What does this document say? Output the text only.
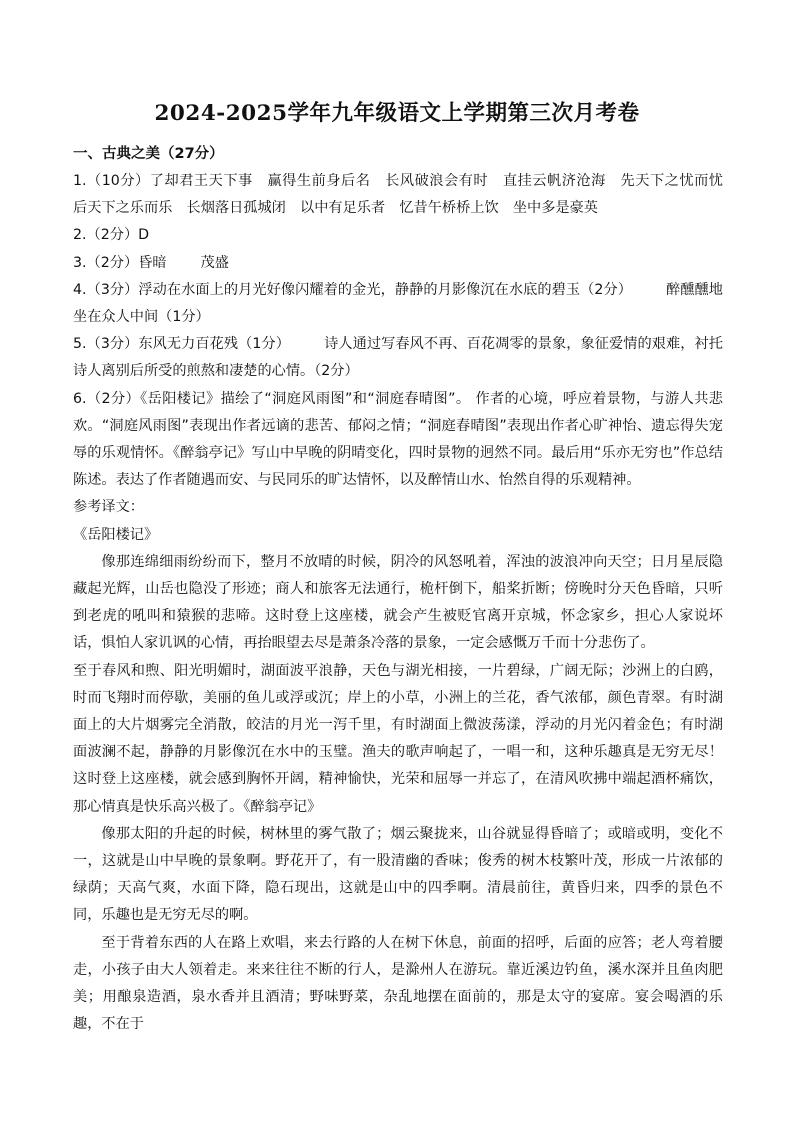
2024-2025学年九年级语文上学期第三次月考卷
一、古典之美（27分）

1.（10分）了却君王天下事　赢得生前身后名　长风破浪会有时　直挂云帆济沧海　先天下之忧而忧　后天下之乐而乐　长烟落日孤城闭　以中有足乐者　忆昔午桥桥上饮　坐中多是豪英

2.（2分）D

3.（2分）昏暗 茂盛

4.（3分）浮动在水面上的月光好像闪耀着的金光，静静的月影像沉在水底的碧玉（2分） 醉醺醺地坐在众人中间（1分）

5.（3分）东风无力百花残（1分） 诗人通过写春风不再、百花凋零的景象，象征爱情的艰难，衬托诗人离别后所受的煎熬和凄楚的心情。（2分）

6.（2分）《岳阳楼记》描绘了“洞庭风雨图”和“洞庭春晴图”。 作者的心境，呼应着景物，与游人共悲欢。“洞庭风雨图”表现出作者远谪的悲苦、郁闷之情；“洞庭春晴图”表现出作者心旷神怡、遗忘得失宠辱的乐观情怀。《醉翁亭记》写山中早晚的阴晴变化，四时景物的迥然不同。最后用“乐亦无穷也”作总结陈述。表达了作者随遇而安、与民同乐的旷达情怀，以及醉情山水、怡然自得的乐观精神。

参考译文：

《岳阳楼记》

像那连绵细雨纷纷而下，整月不放晴的时候，阴冷的风怒吼着，浑浊的波浪冲向天空；日月星辰隐藏起光辉，山岳也隐没了形迹；商人和旅客无法通行，桅杆倒下，船桨折断；傍晚时分天色昏暗，只听到老虎的吼叫和猿猴的悲啼。这时登上这座楼，就会产生被贬官离开京城，怀念家乡，担心人家说坏话，惧怕人家讥讽的心情，再抬眼望去尽是萧条冷落的景象，一定会感慨万千而十分悲伤了。

至于春风和煦、阳光明媚时，湖面波平浪静，天色与湖光相接，一片碧绿，广阔无际；沙洲上的白鸥，时而飞翔时而停歇，美丽的鱼儿或浮或沉；岸上的小草，小洲上的兰花，香气浓郁，颜色青翠。有时湖面上的大片烟雾完全消散，皎洁的月光一泻千里，有时湖面上微波荡漾，浮动的月光闪着金色；有时湖面波澜不起，静静的月影像沉在水中的玉璧。渔夫的歌声响起了，一唱一和，这种乐趣真是无穷无尽！这时登上这座楼，就会感到胸怀开阔，精神愉快，光荣和屈辱一并忘了，在清风吹拂中端起酒杯痛饮，那心情真是快乐高兴极了。《醉翁亭记》

像那太阳的升起的时候，树林里的雾气散了；烟云聚拢来，山谷就显得昏暗了；或暗或明，变化不一，这就是山中早晚的景象啊。野花开了，有一股清幽的香味；俊秀的树木枝繁叶茂，形成一片浓郁的绿荫；天高气爽，水面下降，隐石现出，这就是山中的四季啊。清晨前往，黄昏归来，四季的景色不同，乐趣也是无穷无尽的啊。

至于背着东西的人在路上欢唱，来去行路的人在树下休息，前面的招呼，后面的应答；老人弯着腰走，小孩子由大人领着走。来来往往不断的行人，是滁州人在游玩。靠近溪边钓鱼，溪水深并且鱼肉肥美；用酿泉造酒，泉水香并且酒清；野味野菜，杂乱地摆在面前的，那是太守的宴席。宴会喝酒的乐趣，不在于
